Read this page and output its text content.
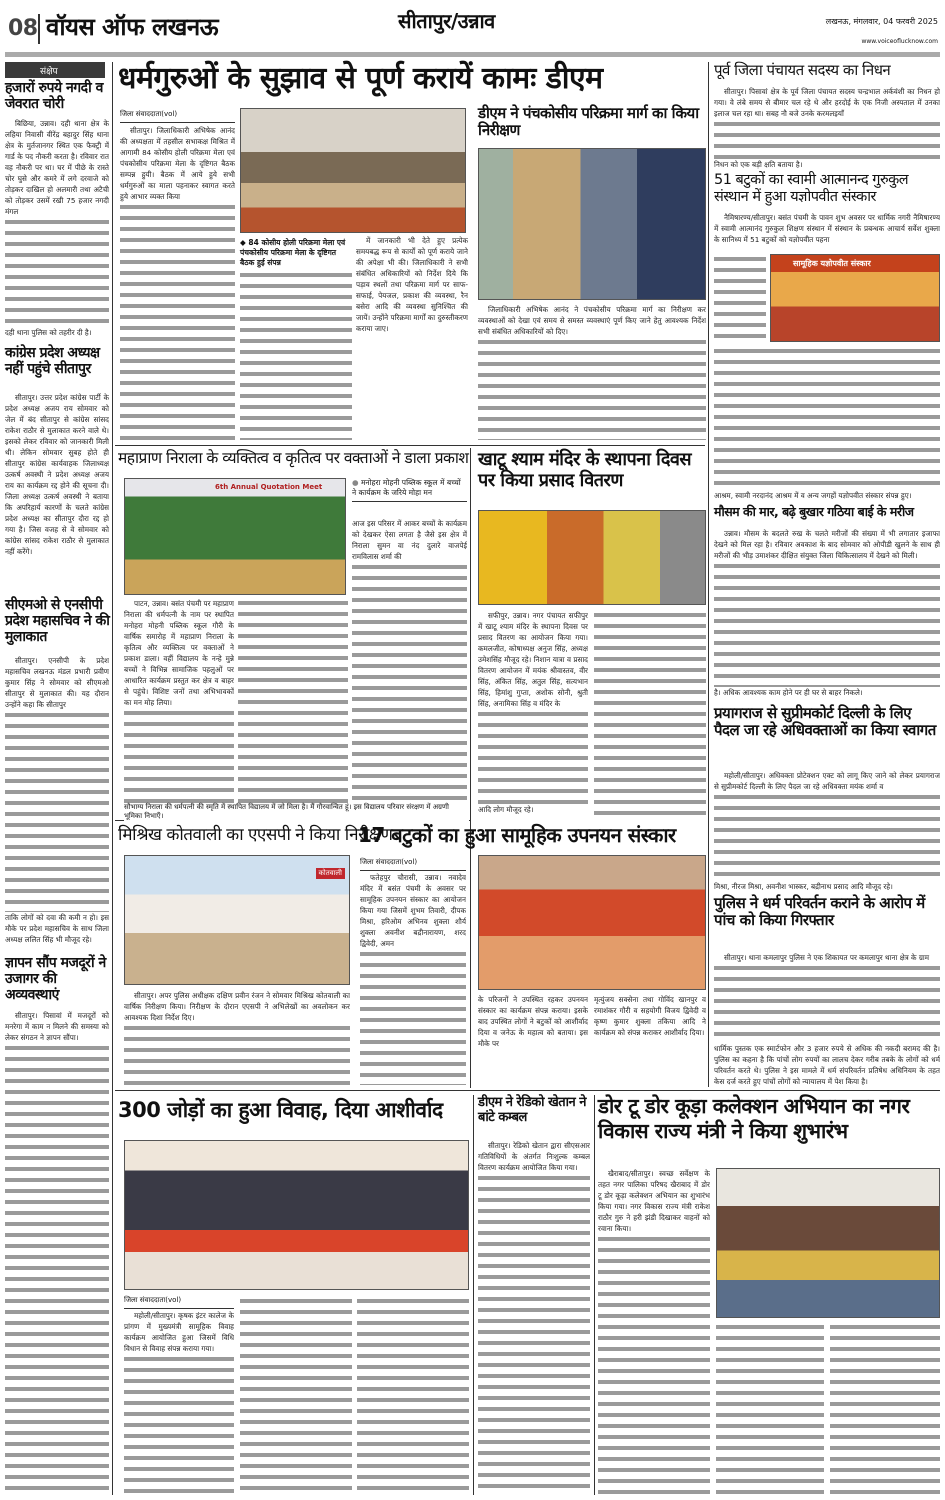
08 वॉयस ऑफ लखनऊ	सीतापुर/उन्नाव	लखनऊ, मंगलवार, 04 फरवरी 2025
www.voiceoflucknow.com
संक्षेप
हजारों रुपये नगदी व जेवरात चोरी

बिछिया, उन्नाव। दही थाना क्षेत्र के लहिया निवासी वीरेंद्र बहादुर सिंह थाना क्षेत्र के मुर्तजानगर स्थित एक फैक्ट्री में गार्ड के पद नौकरी करता है। रविवार रात वह नौकरी पर था। घर में पीछे के रास्ते चोर घुसे और कमरे में लगे दरवाजे को तोड़कर दाखिल हो अलमारी तथा अटैची को तोड़कर उसमें रखी 75 हजार नगदी मंगल

दही थाना पुलिस को तहरीर दी है।

कांग्रेस प्रदेश अध्यक्ष नहीं पहुंचे सीतापुर

सीतापुर। उत्तर प्रदेश कांग्रेस पार्टी के प्रदेश अध्यक्ष अजय राय सोमवार को जेल में बंद सीतापुर से कांग्रेस सांसद राकेश राठौर से मुलाकात करने वाले थे। इसको लेकर रविवार को जानकारी मिली थी। लेकिन सोमवार सुबह होते ही सीतापुर कांग्रेस कार्यवाहक जिलाध्यक्ष उत्कर्ष अवस्थी ने प्रदेश अध्यक्ष अजय राय का कार्यक्रम रद्द होने की सूचना दी। जिला अध्यक्ष उत्कर्ष अवस्थी ने बताया कि अपरिहार्य कारणों के चलते कांग्रेस प्रदेश अध्यक्ष का सीतापुर दौरा रद्द हो गया है। जिस वजह से वे सोमवार को कांग्रेस सांसद राकेश राठौर से मुलाकात नहीं करेंगे।

सीएमओ से एनसीपी प्रदेश महासचिव ने की मुलाकात

सीतापुर। एनसीपी के प्रदेश महासचिव लखनऊ मंडल प्रभारी प्रवीण कुमार सिंह ने सोमवार को सीएमओ सीतापुर से मुलाकात की। यह दौरान उन्होंने कहा कि सीतापुर

ताकि लोगों को दवा की कमी न हो। इस मौके पर प्रदेश महासचिव के साथ जिला अध्यक्ष ललित सिंह भी मौजूद रहे।

ज्ञापन सौंप मजदूरों ने उजागर की अव्यवस्थाएं

सीतापुर। पिसावां में मजदूरों को मनरेगा में काम न मिलने की समस्या को लेकर संगठन ने ज्ञापन सौंपा।

धर्मगुरुओं के सुझाव से पूर्ण करायें कामः डीएम
जिला संवाददाता(vol)

सीतापुर। जिलाधिकारी अभिषेक आनंद की अध्यक्षता में तहसील सभाकक्ष मिश्रित में आगामी 84 कोसीय होली परिक्रमा मेला एवं पंचकोसीय परिक्रमा मेला के दृष्टिगत बैठक सम्पन्न हुयी। बैठक में आये हुये सभी धर्मगुरुओं का माला पहनाकर स्वागत करते हुये आभार व्यक्त किया

◆ 84 कोसीय होली परिक्रमा मेला एवं पंचकोसीय परिक्रमा मेला के दृष्टिगत बैठक हुई संपन्न

में जानकारी भी देते हुए प्रत्येक समयबद्ध रूप से कार्यों को पूर्ण कराये जाने की अपेक्षा भी की। जिलाधिकारी ने सभी संबंधित अधिकारियों को निर्देश दिये कि पड़ाव स्थलों तथा परिक्रमा मार्ग पर साफ-सफाई, पेयजल, प्रकाश की व्यवस्था, रैन बसेरा आदि की व्यवस्था सुनिश्चित की जायें। उन्होंने परिक्रमा मार्गों का दुरुस्तीकरण कराया जाए।

डीएम ने पंचकोसीय परिक्रमा मार्ग का किया निरीक्षण

जिलाधिकारी अभिषेक आनंद ने पंचकोसीय परिक्रमा मार्ग का निरीक्षण कर व्यवस्थाओं को देखा एवं समय से समस्त व्यवस्थाएं पूर्ण किए जाने हेतु आवश्यक निर्देश सभी संबंधित अधिकारियों को दिए।

महाप्राण निराला के व्यक्तित्व व कृतित्व पर वक्ताओं ने डाला प्रकाश
6th Annual Quotation Meet	● मनोहरा मोहनी पब्लिक स्कूल में बच्चों ने कार्यक्रम के जरिये मोहा मन

पाटन, उन्नाव। बसंत पंचमी पर महाप्राण निराला की धर्मपत्नी के नाम पर स्थापित मनोहरा मोहनी पब्लिक स्कूल गौरी के वार्षिक समारोह में महाप्राण निराला के कृतित्व और व्यक्तित्व पर वक्ताओं ने प्रकाश डाला। वहीं विद्यालय के नन्हे मुन्ने बच्चों ने विभिन्न सामाजिक पहलुओं पर आधारित कार्यक्रम प्रस्तुत कर क्षेत्र व बाहर से पहुंचे। विशिष्ट जनों तथा अभिभावकों का मन मोह लिया।

आज इस परिसर में आकर बच्चों के कार्यक्रम को देखकर ऐसा लगता है जैसे इस क्षेत्र में निराला सुमन वा नंद दुलारे वाजपेई रामविलास शर्मा की

सौभाग्य निराला की धर्मपत्नी की स्मृति में स्थापित विद्यालय में जो मिला है। मैं गौरवान्वित हूं। इस विद्यालय परिवार संरक्षण में अग्रणी भूमिका निभाएँ।
खाटू श्याम मंदिर के स्थापना दिवस पर किया प्रसाद वितरण

सफीपुर, उन्नाव। नगर पंचायत सफीपुर में खाटू श्याम मंदिर के स्थापना दिवस पर प्रसाद वितरण का आयोजन किया गया। कमलजीत, कोषाध्यक्ष अनुज सिंह, अध्यक्ष उमेशसिंह मौजूद रहे। निशान यात्रा व प्रसाद वितरण आयोजन में मयंक श्रीवास्तव, वीर सिंह, अंकित सिंह, अतुल सिंह, सत्यभान सिंह, हिमांशु गुप्ता, अशोक सोनी, श्रुती सिंह, अनामिका सिंह व मंदिर के

आदि लोग मौजूद रहे।

मिश्रिख कोतवाली का एएसपी ने किया निरीक्षण
कोतवाली

सीतापुर। अपर पुलिस अधीक्षक दक्षिण प्रवीन रंजन ने सोमवार मिश्रिख कोतवाली का वार्षिक निरीक्षण किया। निरीक्षण के दौरान एएसपी ने अभिलेखों का अवलोकन कर आवश्यक दिशा निर्देश दिए।

17 बटुकों का हुआ सामूहिक उपनयन संस्कार
जिला संवाददाता(vol)

फतेहपुर चौरासी, उन्नाव। नवादेव मंदिर में बसंत पंचमी के अवसर पर सामूहिक उपनयन संस्कार का आयोजन किया गया जिसमें शुभम तिवारी, दीपक मिश्रा, हरिओम अभिनव शुक्ला शौर्य शुक्ला अवनीश बद्रीनारायण, शरद द्विवेदी, अमन

के परिजनों ने उपस्थित रहकर उपनयन संस्कार का कार्यक्रम संपन्न कराया। इसके बाद उपस्थित लोगों ने बटुकों को आशीर्वाद दिया व जनेऊ के महात्व को बताया। इस मौके पर

मृत्युंजय सक्सेना तथा गोविंद खानपुर व रमाशंकर गौरी व सहयोगी विजय द्विवेदी व कृष्ण कुमार शुक्ला तकिया आदि ने कार्यक्रम को संपन्न कराकर आशीर्वाद दिया।

पूर्व जिला पंचायत सदस्य का निधन

सीतापुर। पिसावां क्षेत्र के पूर्व जिला पंचायत सदस्य चन्द्रभाल अर्कवंशी का निधन हो गया। वे लंबे समय से बीमार चल रहे थे और हरदोई के एक निजी अस्पताल में उनका इलाज चल रहा था। सबह नौ बजे उनके करमलइयाँ

निधन को एक बड़ी क्षति बताया है।

51 बटुकों का स्वामी आत्मानन्द गुरुकुल संस्थान में हुआ यज्ञोपवीत संस्कार

नैमिषारण्य/सीतापुर। बसंत पंचमी के पावन शुभ अवसर पर धार्मिक नगरी नैमिषारण्य में स्वामी आत्मानंद गुरुकुल शिक्षण संस्थान में संस्थान के प्रबन्धक आचार्य सर्वेश शुक्ला के सानिध्य में 51 बटुकों को यज्ञोपवीत पहना

सामूहिक यज्ञोपवीत संस्कार

आश्रम, स्वामी नरदानंद आश्रम में व अन्य जगहों यज्ञोपवीत संस्कार संपन्न हुए।

मौसम की मार, बढ़े बुखार गठिया बाई के मरीज

उन्नाव। मौसम के बदलते रुख के चलते मरीजों की संख्या में भी लगातार इजाफा देखने को मिल रहा है। रविवार अवकाश के बाद सोमवार को ओपीडी खुलने के साथ ही मरीजों की भीड़ उमाशंकर दीक्षित संयुक्त जिला चिकित्सालय में देखने को मिली।

है। अधिक आवश्यक काम होने पर ही घर से बाहर निकले।

प्रयागराज से सुप्रीमकोर्ट दिल्ली के लिए पैदल जा रहे अधिवक्ताओं का किया स्वागत

महोली/सीतापुर। अधिवक्ता प्रोटेक्शन एक्ट को लागू किए जाने को लेकर प्रयागराज से सुप्रीमकोर्ट दिल्ली के लिए पैदल जा रहे अधिवक्ता मयंक शर्मा व

मिश्रा, नीरज मिश्रा, अवनीश भास्कर, बद्रीनाथ प्रसाद आदि मौजूद रहे।

पुलिस ने धर्म परिवर्तन कराने के आरोप में पांच को किया गिरफ्तार

सीतापुर। थाना कमलापुर पुलिस ने एक शिकायत पर कमलापुर थाना क्षेत्र के ग्राम

धार्मिक पुस्तक एक स्मार्टफोन और 3 हजार रुपये से अधिक की नकदी बरामद की है। पुलिस का कहना है कि पांचों लोग रुपयों का लालच देकर गरीब तबके के लोगों को धर्म परिवर्तन करते थे। पुलिस ने इस मामले में धर्म संपरिवर्तन प्रतिषेध अधिनियम के तहत केस दर्ज करते हुए पांचों लोगों को न्यायालय में पेश किया है।

300 जोड़ों का हुआ विवाह, दिया आशीर्वाद
जिला संवाददाता(vol)

महोली/सीतापुर। कृषक इंटर कालेज के प्रांगण में मुख्यमंत्री सामूहिक विवाह कार्यक्रम आयोजित हुआ जिसमें विधि विधान से विवाह संपन्न कराया गया।

डीएम ने रेडिको खेतान ने बांटे कम्बल

सीतापुर। रेडिको खेतान द्वारा सीएसआर गतिविधियों के अंतर्गत निःशुल्क कम्बल वितरण कार्यक्रम आयोजित किया गया।

डोर टू डोर कूड़ा कलेक्शन अभियान का नगर विकास राज्य मंत्री ने किया शुभारंभ

खैराबाद/सीतापुर। स्वच्छ सर्वेक्षण के तहत नगर पालिका परिषद खैराबाद में डोर टू डोर कूड़ा कलेक्शन अभियान का शुभारंभ किया गया। नगर विकास राज्य मंत्री राकेश राठौर गुरु ने हरी झंडी दिखाकर वाहनों को रवाना किया।
